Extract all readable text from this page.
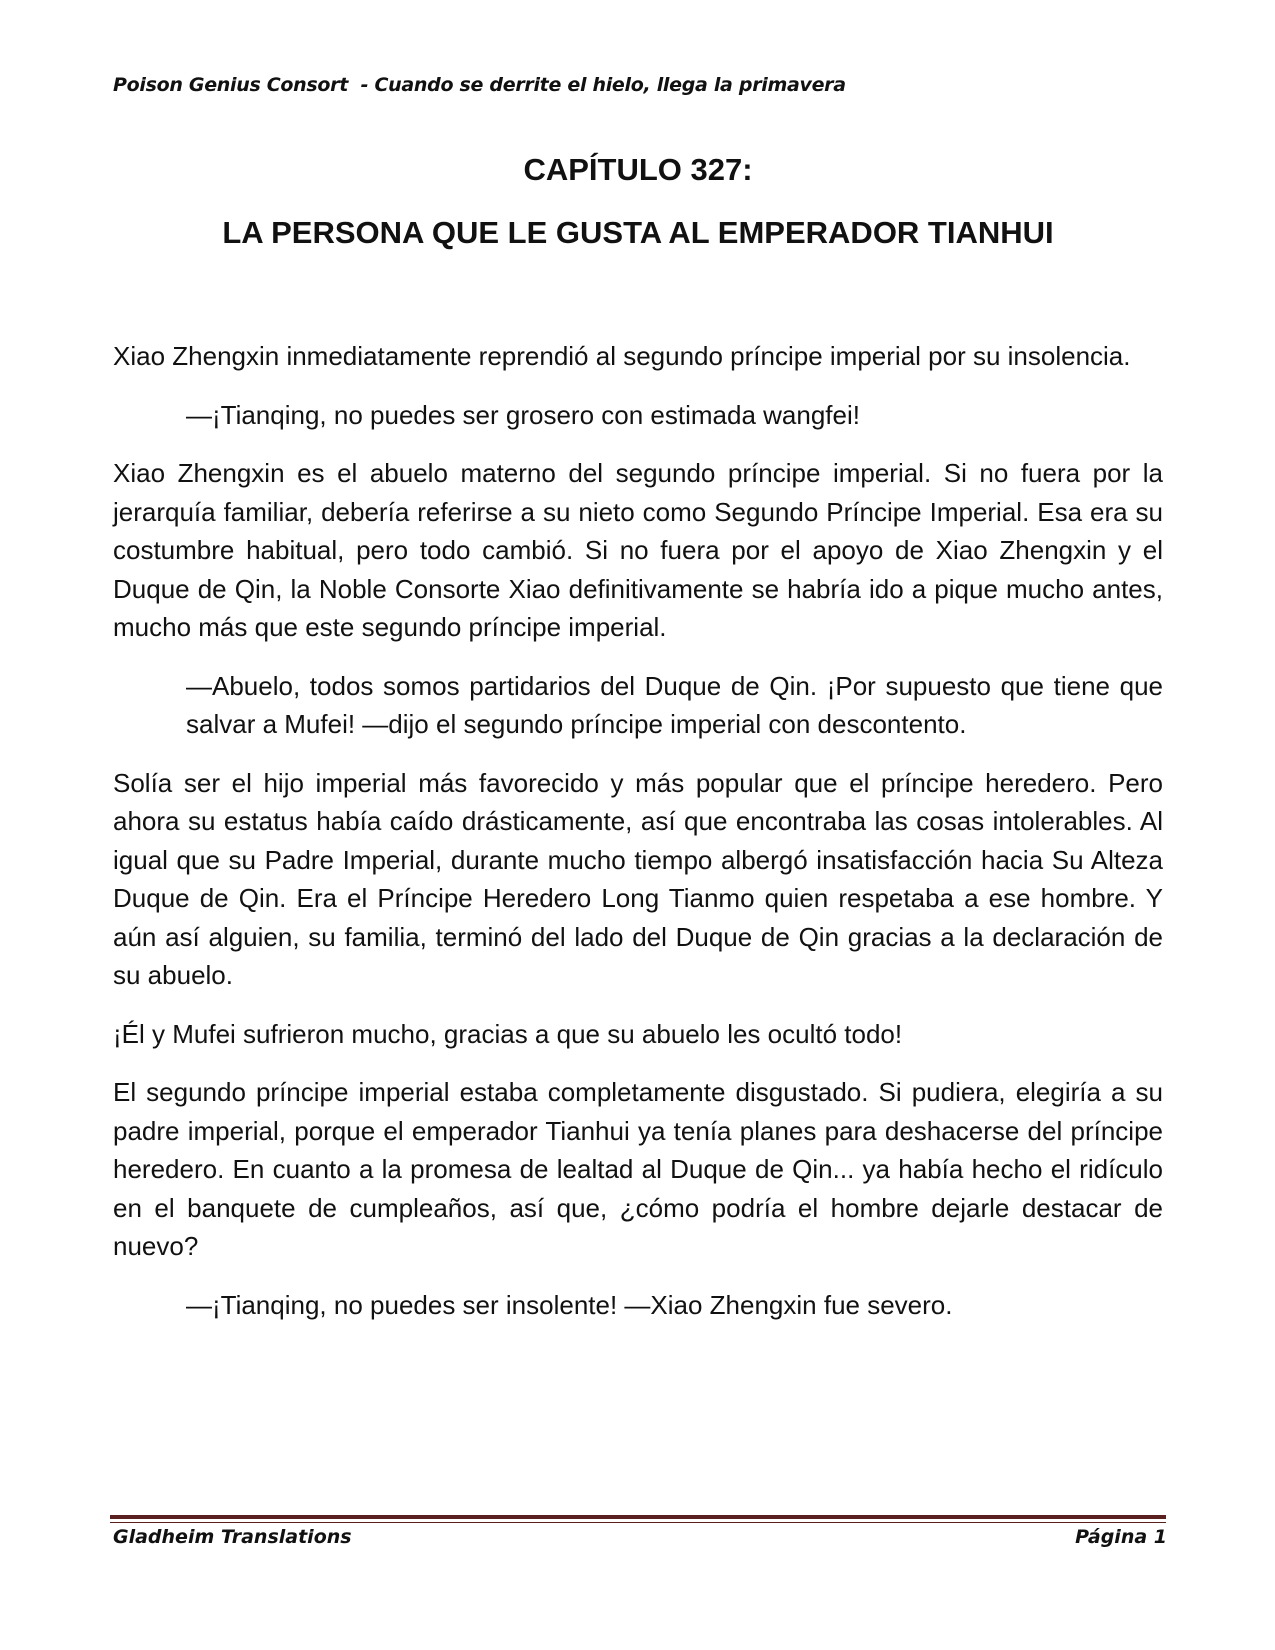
Poison Genius Consort  - Cuando se derrite el hielo, llega la primavera
CAPÍTULO 327:
LA PERSONA QUE LE GUSTA AL EMPERADOR TIANHUI

Xiao Zhengxin inmediatamente reprendió al segundo príncipe imperial por su insolencia.

—¡Tianqing, no puedes ser grosero con estimada wangfei!

Xiao Zhengxin es el abuelo materno del segundo príncipe imperial. Si no fuera por la jerarquía familiar, debería referirse a su nieto como Segundo Príncipe Imperial. Esa era su costumbre habitual, pero todo cambió. Si no fuera por el apoyo de Xiao Zhengxin y el Duque de Qin, la Noble Consorte Xiao definitivamente se habría ido a pique mucho antes, mucho más que este segundo príncipe imperial.

—Abuelo, todos somos partidarios del Duque de Qin. ¡Por supuesto que tiene que salvar a Mufei! —dijo el segundo príncipe imperial con descontento.

Solía ser el hijo imperial más favorecido y más popular que el príncipe heredero. Pero ahora su estatus había caído drásticamente, así que encontraba las cosas intolerables. Al igual que su Padre Imperial, durante mucho tiempo albergó insatisfacción hacia Su Alteza Duque de Qin. Era el Príncipe Heredero Long Tianmo quien respetaba a ese hombre. Y aún así alguien, su familia, terminó del lado del Duque de Qin gracias a la declaración de su abuelo.

¡Él y Mufei sufrieron mucho, gracias a que su abuelo les ocultó todo!

El segundo príncipe imperial estaba completamente disgustado. Si pudiera, elegiría a su padre imperial, porque el emperador Tianhui ya tenía planes para deshacerse del príncipe heredero. En cuanto a la promesa de lealtad al Duque de Qin... ya había hecho el ridículo en el banquete de cumpleaños, así que, ¿cómo podría el hombre dejarle destacar de nuevo?

—¡Tianqing, no puedes ser insolente! —Xiao Zhengxin fue severo.

Gladheim Translations	Página 1
